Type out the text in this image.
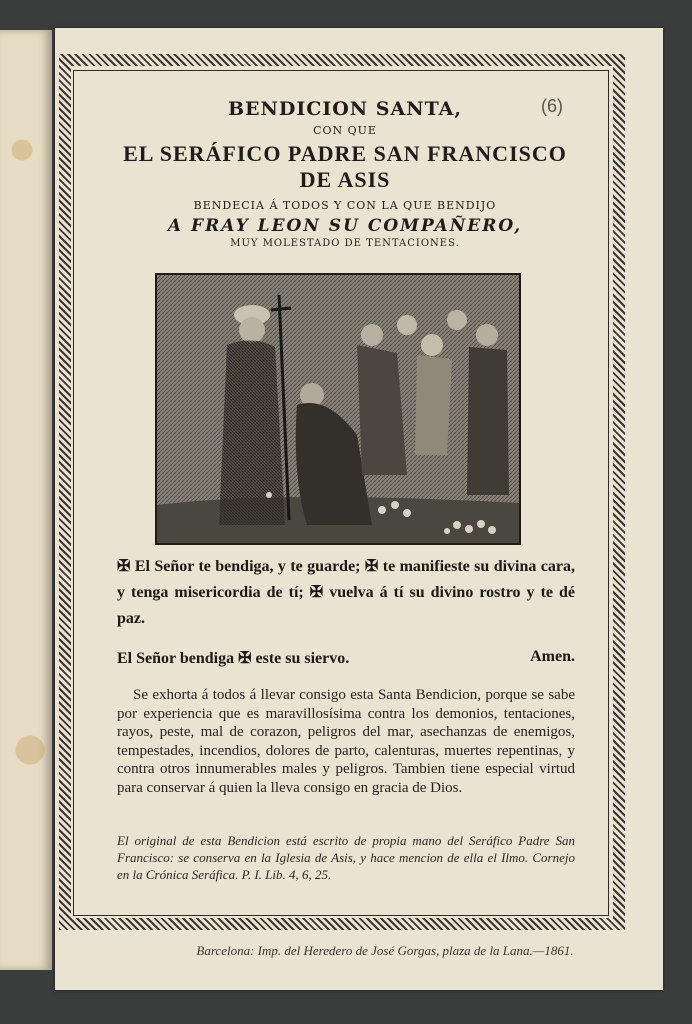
(6)
BENDICION SANTA,
CON QUE
EL SERÁFICO PADRE SAN FRANCISCO DE ASIS
BENDECIA Á TODOS Y CON LA QUE BENDIJO
A FRAY LEON SU COMPAÑERO,
MUY MOLESTADO DE TENTACIONES.
✠ El Señor te bendiga, y te guarde; ✠ te manifieste su divina cara, y tenga misericordia de tí; ✠ vuelva á tí su divino rostro y te dé paz.
El Señor bendiga ✠ este su siervo.	Amen.
Se exhorta á todos á llevar consigo esta Santa Bendicion, porque se sabe por experiencia que es maravillosísima contra los demonios, tentaciones, rayos, peste, mal de corazon, peligros del mar, asechanzas de enemigos, tempestades, incendios, dolores de parto, calenturas, muertes repentinas, y contra otros innumerables males y peligros. Tambien tiene especial virtud para conservar á quien la lleva consigo en gracia de Dios.
El original de esta Bendicion está escrito de propia mano del Seráfico Padre San Francisco: se conserva en la Iglesia de Asis, y hace mencion de ella el Ilmo. Cornejo en la Crónica Seráfica. P. I. Lib. 4, 6, 25.
Barcelona: Imp. del Heredero de José Gorgas, plaza de la Lana.—1861.
